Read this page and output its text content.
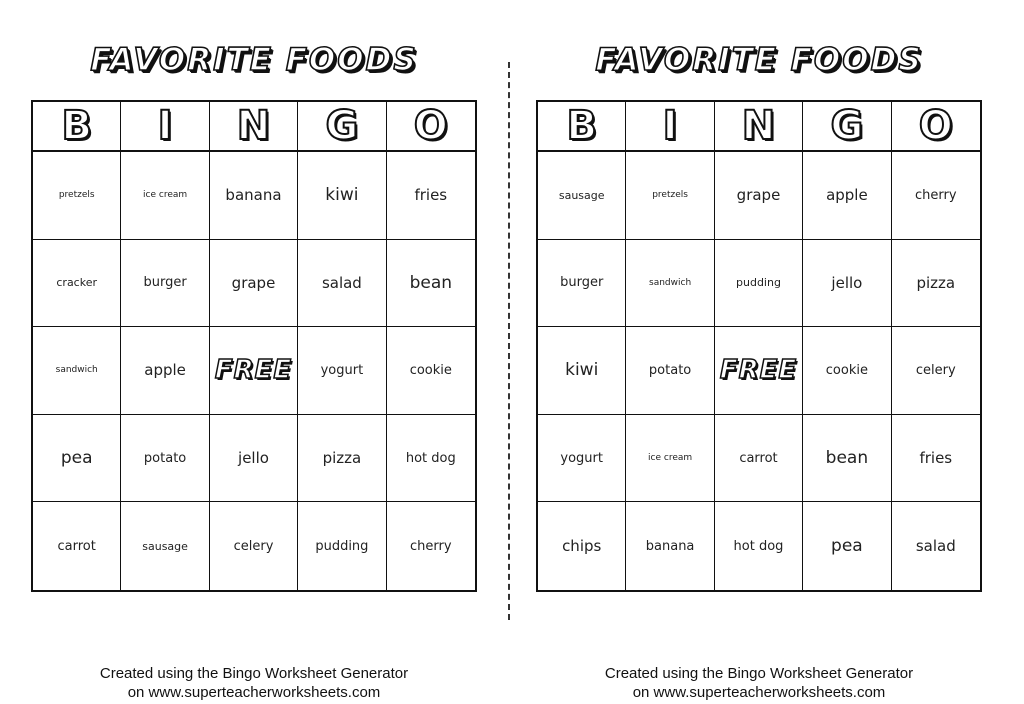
FAVORITE FOODS
B	I	N	G	O
pretzels	ice cream	banana	kiwi	fries
cracker	burger	grape	salad	bean
sandwich	apple	FREE	yogurt	cookie
pea	potato	jello	pizza	hot dog
carrot	sausage	celery	pudding	cherry
Created using the Bingo Worksheet Generator
on www.superteacherworksheets.com
FAVORITE FOODS
B	I	N	G	O
sausage	pretzels	grape	apple	cherry
burger	sandwich	pudding	jello	pizza
kiwi	potato	FREE	cookie	celery
yogurt	ice cream	carrot	bean	fries
chips	banana	hot dog	pea	salad
Created using the Bingo Worksheet Generator
on www.superteacherworksheets.com
